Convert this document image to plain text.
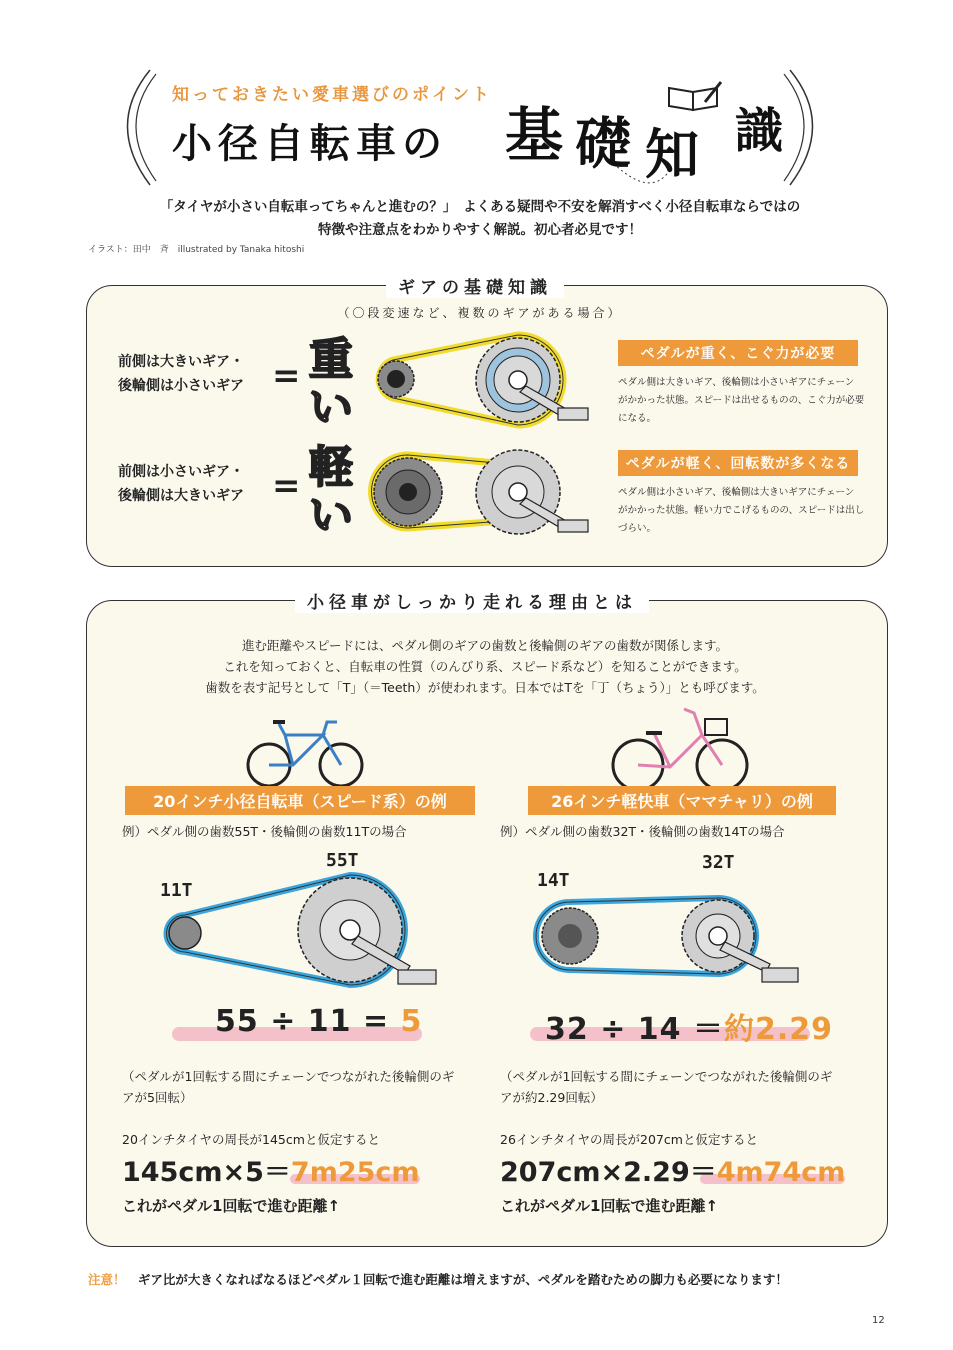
知っておきたい愛車選びのポイント
小径自転車の 基 礎 知 識
「タイヤが小さい自転車ってちゃんと進むの？」　よくある疑問や不安を解消すべく小径自転車ならではの
特徴や注意点をわかりやすく解説。初心者必見です！
イラスト：田中　斉　illustrated by Tanaka hitoshi
ギアの基礎知識
（〇段変速など、複数のギアがある場合）
前側は大きいギア・
後輪側は小さいギア = 重
い
ペダルが重く、こぐ力が必要
ペダル側は大きいギア、後輪側は小さいギアにチェーン
がかかった状態。スピードは出せるものの、こぐ力が必要
になる。
前側は小さいギア・
後輪側は大きいギア = 軽
い
ペダルが軽く、回転数が多くなる
ペダル側は小さいギア、後輪側は大きいギアにチェーン
がかかった状態。軽い力でこげるものの、スピードは出し
づらい。
小径車がしっかり走れる理由とは
進む距離やスピードには、ペダル側のギアの歯数と後輪側のギアの歯数が関係します。
これを知っておくと、自転車の性質（のんびり系、スピード系など）を知ることができます。
歯数を表す記号として「T」（＝Teeth）が使われます。日本ではTを「丁（ちょう）」とも呼びます。
20インチ小径自転車（スピード系）の例	26インチ軽快車（ママチャリ）の例
例）ペダル側の歯数55T・後輪側の歯数11Tの場合	例）ペダル側の歯数32T・後輪側の歯数14Tの場合
11T
55T
14T
32T
55 ÷ 11 = 5	32 ÷ 14 ＝約2.29
（ペダルが1回転する間にチェーンでつながれた後輪側のギ
アが5回転）
（ペダルが1回転する間にチェーンでつながれた後輪側のギ
アが約2.29回転）
20インチタイヤの周長が145cmと仮定すると	26インチタイヤの周長が207cmと仮定すると
145cm×5＝7m25cm	207cm×2.29＝4m74cm
これがペダル1回転で進む距離↑	これがペダル1回転で進む距離↑
注意！ ギア比が大きくなればなるほどペダル１回転で進む距離は増えますが、ペダルを踏むための脚力も必要になります！
12
